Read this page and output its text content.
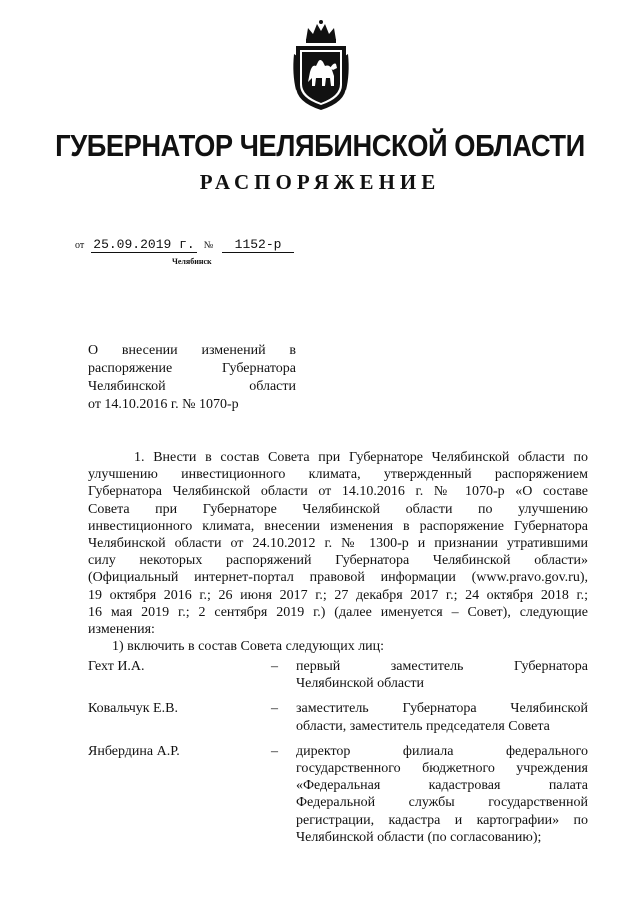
ГУБЕРНАТОР ЧЕЛЯБИНСКОЙ ОБЛАСТИ
РАСПОРЯЖЕНИЕ
от 25.09.2019 г. № 1152-р
Челябинск
О внесении изменений в
распоряжение Губернатора
Челябинской области
от 14.10.2016 г. № 1070-р
1. Внести в состав Совета при Губернаторе Челябинской области по
улучшению инвестиционного климата, утвержденный распоряжением
Губернатора Челябинской области от 14.10.2016 г. № 1070-р «О составе
Совета при Губернаторе Челябинской области по улучшению
инвестиционного климата, внесении изменения в распоряжение Губернатора
Челябинской области от 24.10.2012 г. № 1300-р и признании утратившими
силу некоторых распоряжений Губернатора Челябинской области»
(Официальный интернет-портал правовой информации (www.pravo.gov.ru),
19 октября 2016 г.; 26 июня 2017 г.; 27 декабря 2017 г.; 24 октября 2018 г.;
16 мая 2019 г.; 2 сентября 2019 г.) (далее именуется – Совет), следующие
изменения:
1) включить в состав Совета следующих лиц:
Гехт И.А.	– первый заместитель Губернатора
Челябинской области
Ковальчук Е.В.	– заместитель Губернатора Челябинской
области, заместитель председателя Совета
Янбердина А.Р.	– директор филиала федерального
государственного бюджетного учреждения
«Федеральная кадастровая палата
Федеральной службы государственной
регистрации, кадастра и картографии» по
Челябинской области (по согласованию);
